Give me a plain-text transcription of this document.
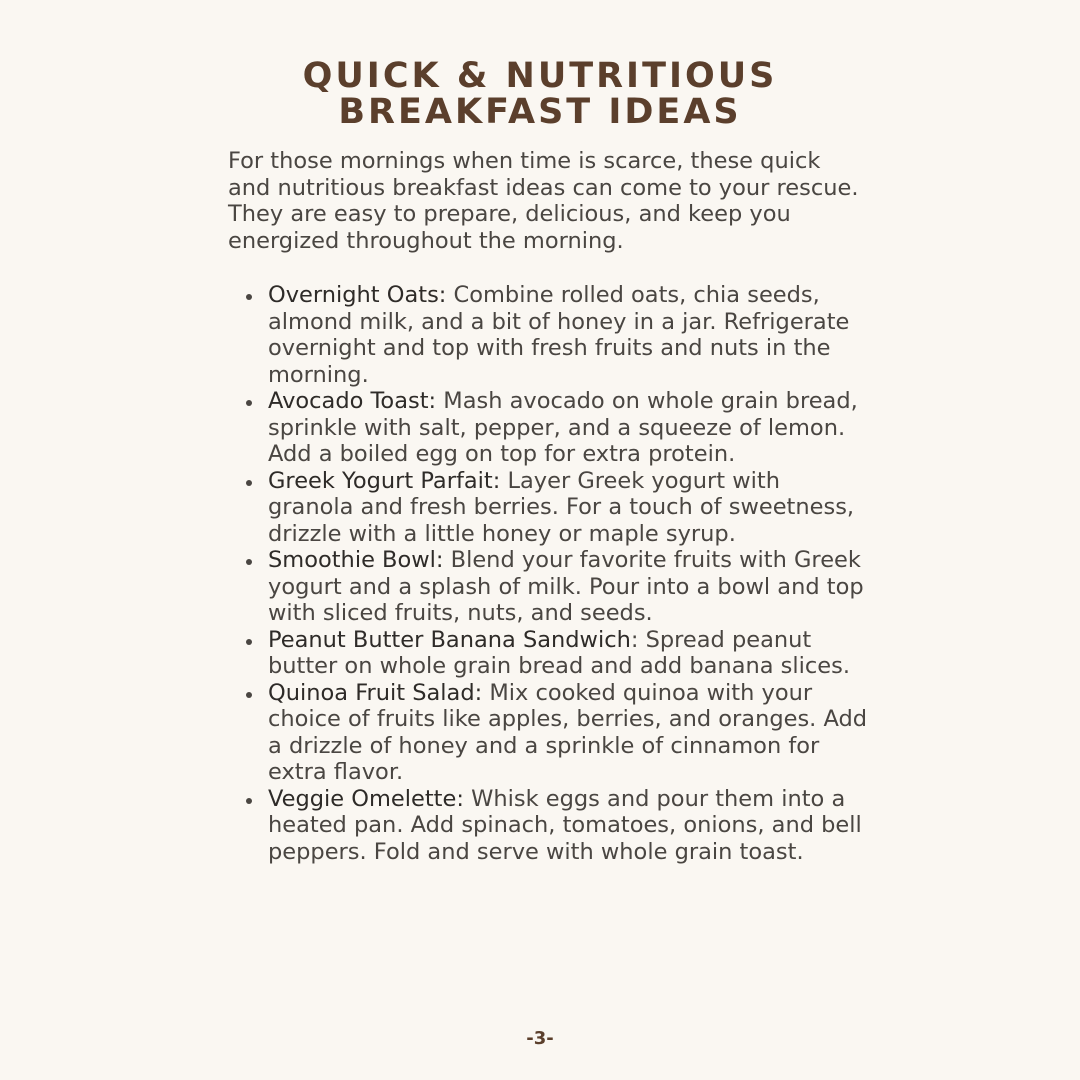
QUICK & NUTRITIOUS
BREAKFAST IDEAS

For those mornings when time is scarce, these quick and nutritious breakfast ideas can come to your rescue. They are easy to prepare, delicious, and keep you energized throughout the morning.

Overnight Oats: Combine rolled oats, chia seeds, almond milk, and a bit of honey in a jar. Refrigerate overnight and top with fresh fruits and nuts in the morning.
Avocado Toast: Mash avocado on whole grain bread, sprinkle with salt, pepper, and a squeeze of lemon. Add a boiled egg on top for extra protein.
Greek Yogurt Parfait: Layer Greek yogurt with granola and fresh berries. For a touch of sweetness, drizzle with a little honey or maple syrup.
Smoothie Bowl: Blend your favorite fruits with Greek yogurt and a splash of milk. Pour into a bowl and top with sliced fruits, nuts, and seeds.
Peanut Butter Banana Sandwich: Spread peanut butter on whole grain bread and add banana slices.
Quinoa Fruit Salad: Mix cooked quinoa with your choice of fruits like apples, berries, and oranges. Add a drizzle of honey and a sprinkle of cinnamon for extra flavor.
Veggie Omelette: Whisk eggs and pour them into a heated pan. Add spinach, tomatoes, onions, and bell peppers. Fold and serve with whole grain toast.
-3-
